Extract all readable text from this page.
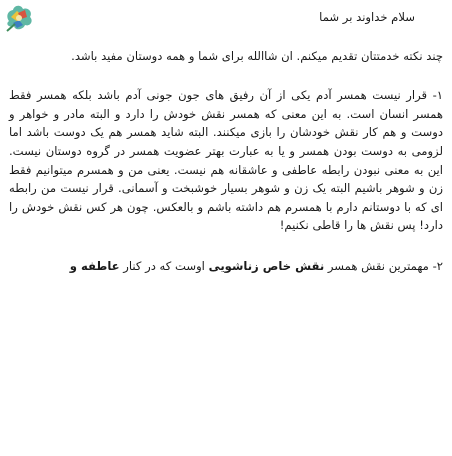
سلام خداوند بر شما

چند نکته خدمتتان تقدیم میکنم. ان شاالله برای شما و همه دوستان مفید باشد.

۱- قرار نیست همسر آدم یکی از آن رفیق های جون جونی آدم باشد بلکه همسر فقط همسر انسان است. به این معنی که همسر نقش خودش را دارد و البته مادر و خواهر و دوست و هم کار نقش خودشان را بازی میکنند. البته شاید همسر هم یک دوست باشد اما لزومی به دوست بودن همسر و یا به عبارت بهتر عضویت همسر در گروه دوستان نیست. این به معنی نبودن رابطه عاطفی و عاشقانه هم نیست. یعنی من و همسرم میتوانیم فقط زن و شوهر باشیم البته یک زن و شوهر بسیار خوشبخت و آسمانی. قرار نیست من رابطه ای که با دوستانم دارم با همسرم هم داشته باشم و بالعکس. چون هر کس نقش خودش را دارد! پس نقش ها را قاطی نکنیم!

۲- مهمترین نقش همسر نقش خاص زناشویی اوست که در کنار عاطفه و
